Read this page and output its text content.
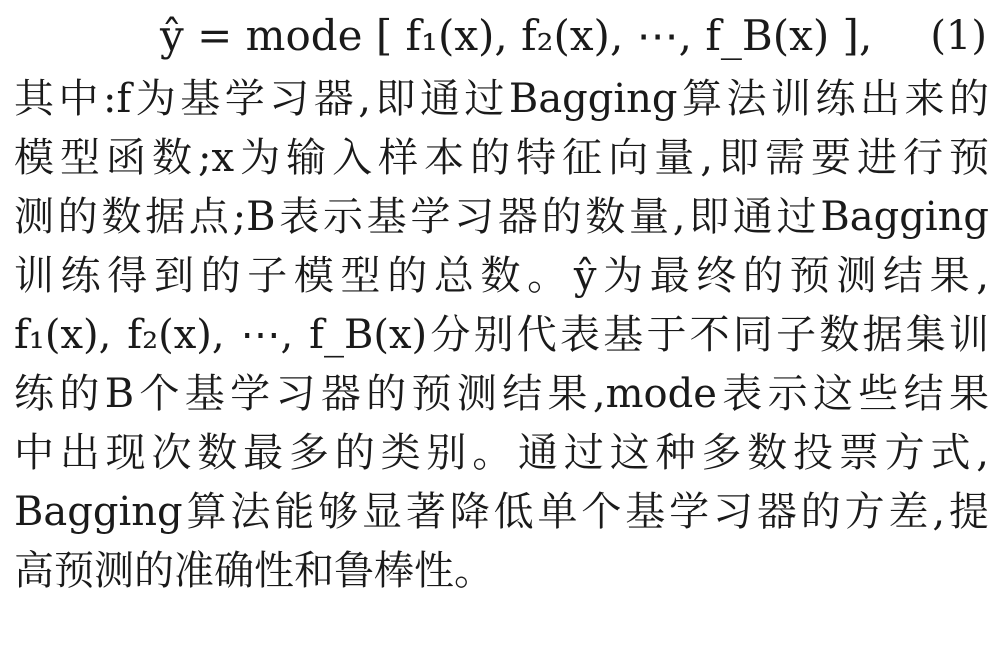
ŷ = mode [ f₁(x), f₂(x), ⋯, f_B(x) ], (1)
其中:f为基学习器,即通过Bagging算法训练出来的
模型函数;x为输入样本的特征向量,即需要进行预
测的数据点;B表示基学习器的数量,即通过Bagging
训练得到的子模型的总数。ŷ为最终的预测结果,
f₁(x), f₂(x), ⋯, f_B(x)分别代表基于不同子数据集训
练的B个基学习器的预测结果,mode表示这些结果
中出现次数最多的类别。通过这种多数投票方式,
Bagging算法能够显著降低单个基学习器的方差,提
高预测的准确性和鲁棒性。
